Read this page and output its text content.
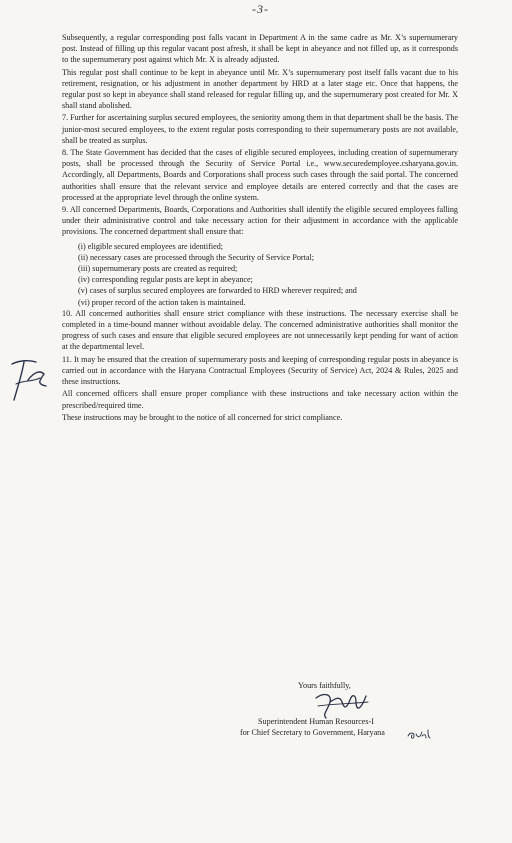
-3-

Subsequently, a regular corresponding post falls vacant in Department A in the same cadre as Mr. X’s supernumerary post. Instead of filling up this regular vacant post afresh, it shall be kept in abeyance and not filled up, as it corresponds to the supernumerary post against which Mr. X is already adjusted.

This regular post shall continue to be kept in abeyance until Mr. X’s supernumerary post itself falls vacant due to his retirement, resignation, or his adjustment in another department by HRD at a later stage etc. Once that happens, the regular post so kept in abeyance shall stand released for regular filling up, and the supernumerary post created for Mr. X shall stand abolished.

7. Further for ascertaining surplus secured employees, the seniority among them in that department shall be the basis. The junior-most secured employees, to the extent regular posts corresponding to their supernumerary posts are not available, shall be treated as surplus.

8. The State Government has decided that the cases of eligible secured employees, including creation of supernumerary posts, shall be processed through the Security of Service Portal i.e., www.securedemployee.csharyana.gov.in. Accordingly, all Departments, Boards and Corporations shall process such cases through the said portal. The concerned authorities shall ensure that the relevant service and employee details are entered correctly and that the cases are processed at the appropriate level through the online system.

9. All concerned Departments, Boards, Corporations and Authorities shall identify the eligible secured employees falling under their administrative control and take necessary action for their adjustment in accordance with the applicable provisions. The concerned department shall ensure that:

(i) eligible secured employees are identified;
(ii) necessary cases are processed through the Security of Service Portal;
(iii) supernumerary posts are created as required;
(iv) corresponding regular posts are kept in abeyance;
(v) cases of surplus secured employees are forwarded to HRD wherever required; and
(vi) proper record of the action taken is maintained.

10. All concerned authorities shall ensure strict compliance with these instructions. The necessary exercise shall be completed in a time-bound manner without avoidable delay. The concerned administrative authorities shall monitor the progress of such cases and ensure that eligible secured employees are not unnecessarily kept pending for want of action at the departmental level.

11. It may be ensured that the creation of supernumerary posts and keeping of corresponding regular posts in abeyance is carried out in accordance with the Haryana Contractual Employees (Security of Service) Act, 2024 & Rules, 2025 and these instructions.

All concerned officers shall ensure proper compliance with these instructions and take necessary action within the prescribed/required time.

These instructions may be brought to the notice of all concerned for strict compliance.

Yours faithfully,
Superintendent Human Resources-I
for Chief Secretary to Government, Haryana
